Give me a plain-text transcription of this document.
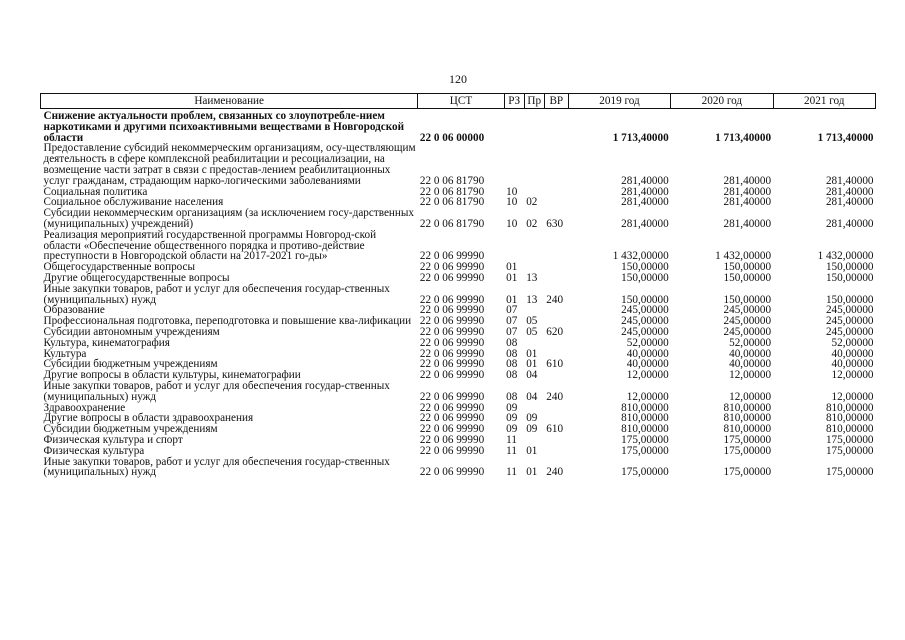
120
Наименование	ЦСТ	РЗ	Пр	ВР	2019 год	2020 год	2021 год
Снижение актуальности проблем, связанных со злоупотребле-нием наркотиками и другими психоактивными веществами в Новгородской области	22 0 06 00000				1 713,40000	1 713,40000	1 713,40000
Предоставление субсидий некоммерческим организациям, осу-ществляющим деятельность в сфере комплексной реабилитации и ресоциализации, на возмещение части затрат в связи с предостав-лением реабилитационных услуг гражданам, страдающим нарко-логическими заболеваниями	22 0 06 81790				281,40000	281,40000	281,40000
Социальная политика	22 0 06 81790	10			281,40000	281,40000	281,40000
Социальное обслуживание населения	22 0 06 81790	10	02		281,40000	281,40000	281,40000
Субсидии некоммерческим организациям (за исключением госу-дарственных (муниципальных) учреждений)	22 0 06 81790	10	02	630	281,40000	281,40000	281,40000
Реализация мероприятий государственной программы Новгород-ской области «Обеспечение общественного порядка и противо-действие преступности в Новгородской области на 2017-2021 го-ды»	22 0 06 99990				1 432,00000	1 432,00000	1 432,00000
Общегосударственные вопросы	22 0 06 99990	01			150,00000	150,00000	150,00000
Другие общегосударственные вопросы	22 0 06 99990	01	13		150,00000	150,00000	150,00000
Иные закупки товаров, работ и услуг для обеспечения государ-ственных (муниципальных) нужд	22 0 06 99990	01	13	240	150,00000	150,00000	150,00000
Образование	22 0 06 99990	07			245,00000	245,00000	245,00000
Профессиональная подготовка, переподготовка и повышение ква-лификации	22 0 06 99990	07	05		245,00000	245,00000	245,00000
Субсидии автономным учреждениям	22 0 06 99990	07	05	620	245,00000	245,00000	245,00000
Культура, кинематография	22 0 06 99990	08			52,00000	52,00000	52,00000
Культура	22 0 06 99990	08	01		40,00000	40,00000	40,00000
Субсидии бюджетным учреждениям	22 0 06 99990	08	01	610	40,00000	40,00000	40,00000
Другие вопросы в области культуры, кинематографии	22 0 06 99990	08	04		12,00000	12,00000	12,00000
Иные закупки товаров, работ и услуг для обеспечения государ-ственных (муниципальных) нужд	22 0 06 99990	08	04	240	12,00000	12,00000	12,00000
Здравоохранение	22 0 06 99990	09			810,00000	810,00000	810,00000
Другие вопросы в области здравоохранения	22 0 06 99990	09	09		810,00000	810,00000	810,00000
Субсидии бюджетным учреждениям	22 0 06 99990	09	09	610	810,00000	810,00000	810,00000
Физическая культура и спорт	22 0 06 99990	11			175,00000	175,00000	175,00000
Физическая культура	22 0 06 99990	11	01		175,00000	175,00000	175,00000
Иные закупки товаров, работ и услуг для обеспечения государ-ственных (муниципальных) нужд	22 0 06 99990	11	01	240	175,00000	175,00000	175,00000
